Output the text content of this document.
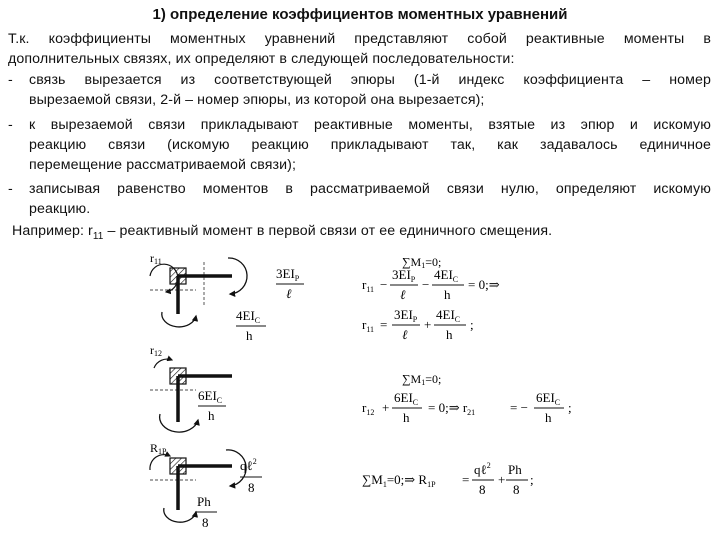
1) определение коэффициентов моментных уравнений
Т.к. коэффициенты моментных уравнений представляют собой реактивные моменты в
дополнительных связях, их определяют в следующей последовательности:
- связь вырезается из соответствующей эпюры (1-й индекс коэффициента – номер
вырезаемой связи, 2-й – номер эпюры, из которой она вырезается);
- к вырезаемой связи прикладывают реактивные моменты, взятые из эпюр и искомую
реакцию связи (искомую реакцию прикладывают так, как задавалось единичное
перемещение рассматриваемой связи);
- записывая равенство моментов в рассматриваемой связи нулю, определяют искомую
реакцию.
Например: $r_{11}$ – реактивный момент в первой связи от ее единичного смещения.
r11
$3EI_P$
ℓ
$4EI_C$
h
r12
$6EI_C$
h
R1P
qℓ$^2$
8
Ph
8
∑M1=0;
$r_{11}$ −
$3EI_P$
ℓ
−
$4EI_C$
h
= 0;⇒
$r_{11}$ =
$3EI_P$
ℓ
+
$4EI_C$
h
;
∑M1=0;
$r_{12}$ +
$6EI_C$
h
= 0;⇒ $r_{21}$	= −
$6EI_C$
h
;
$\sum M_1=0;\Rightarrow$ $R_{1P}$ =
qℓ$^2$
8
+
Ph
8
;
